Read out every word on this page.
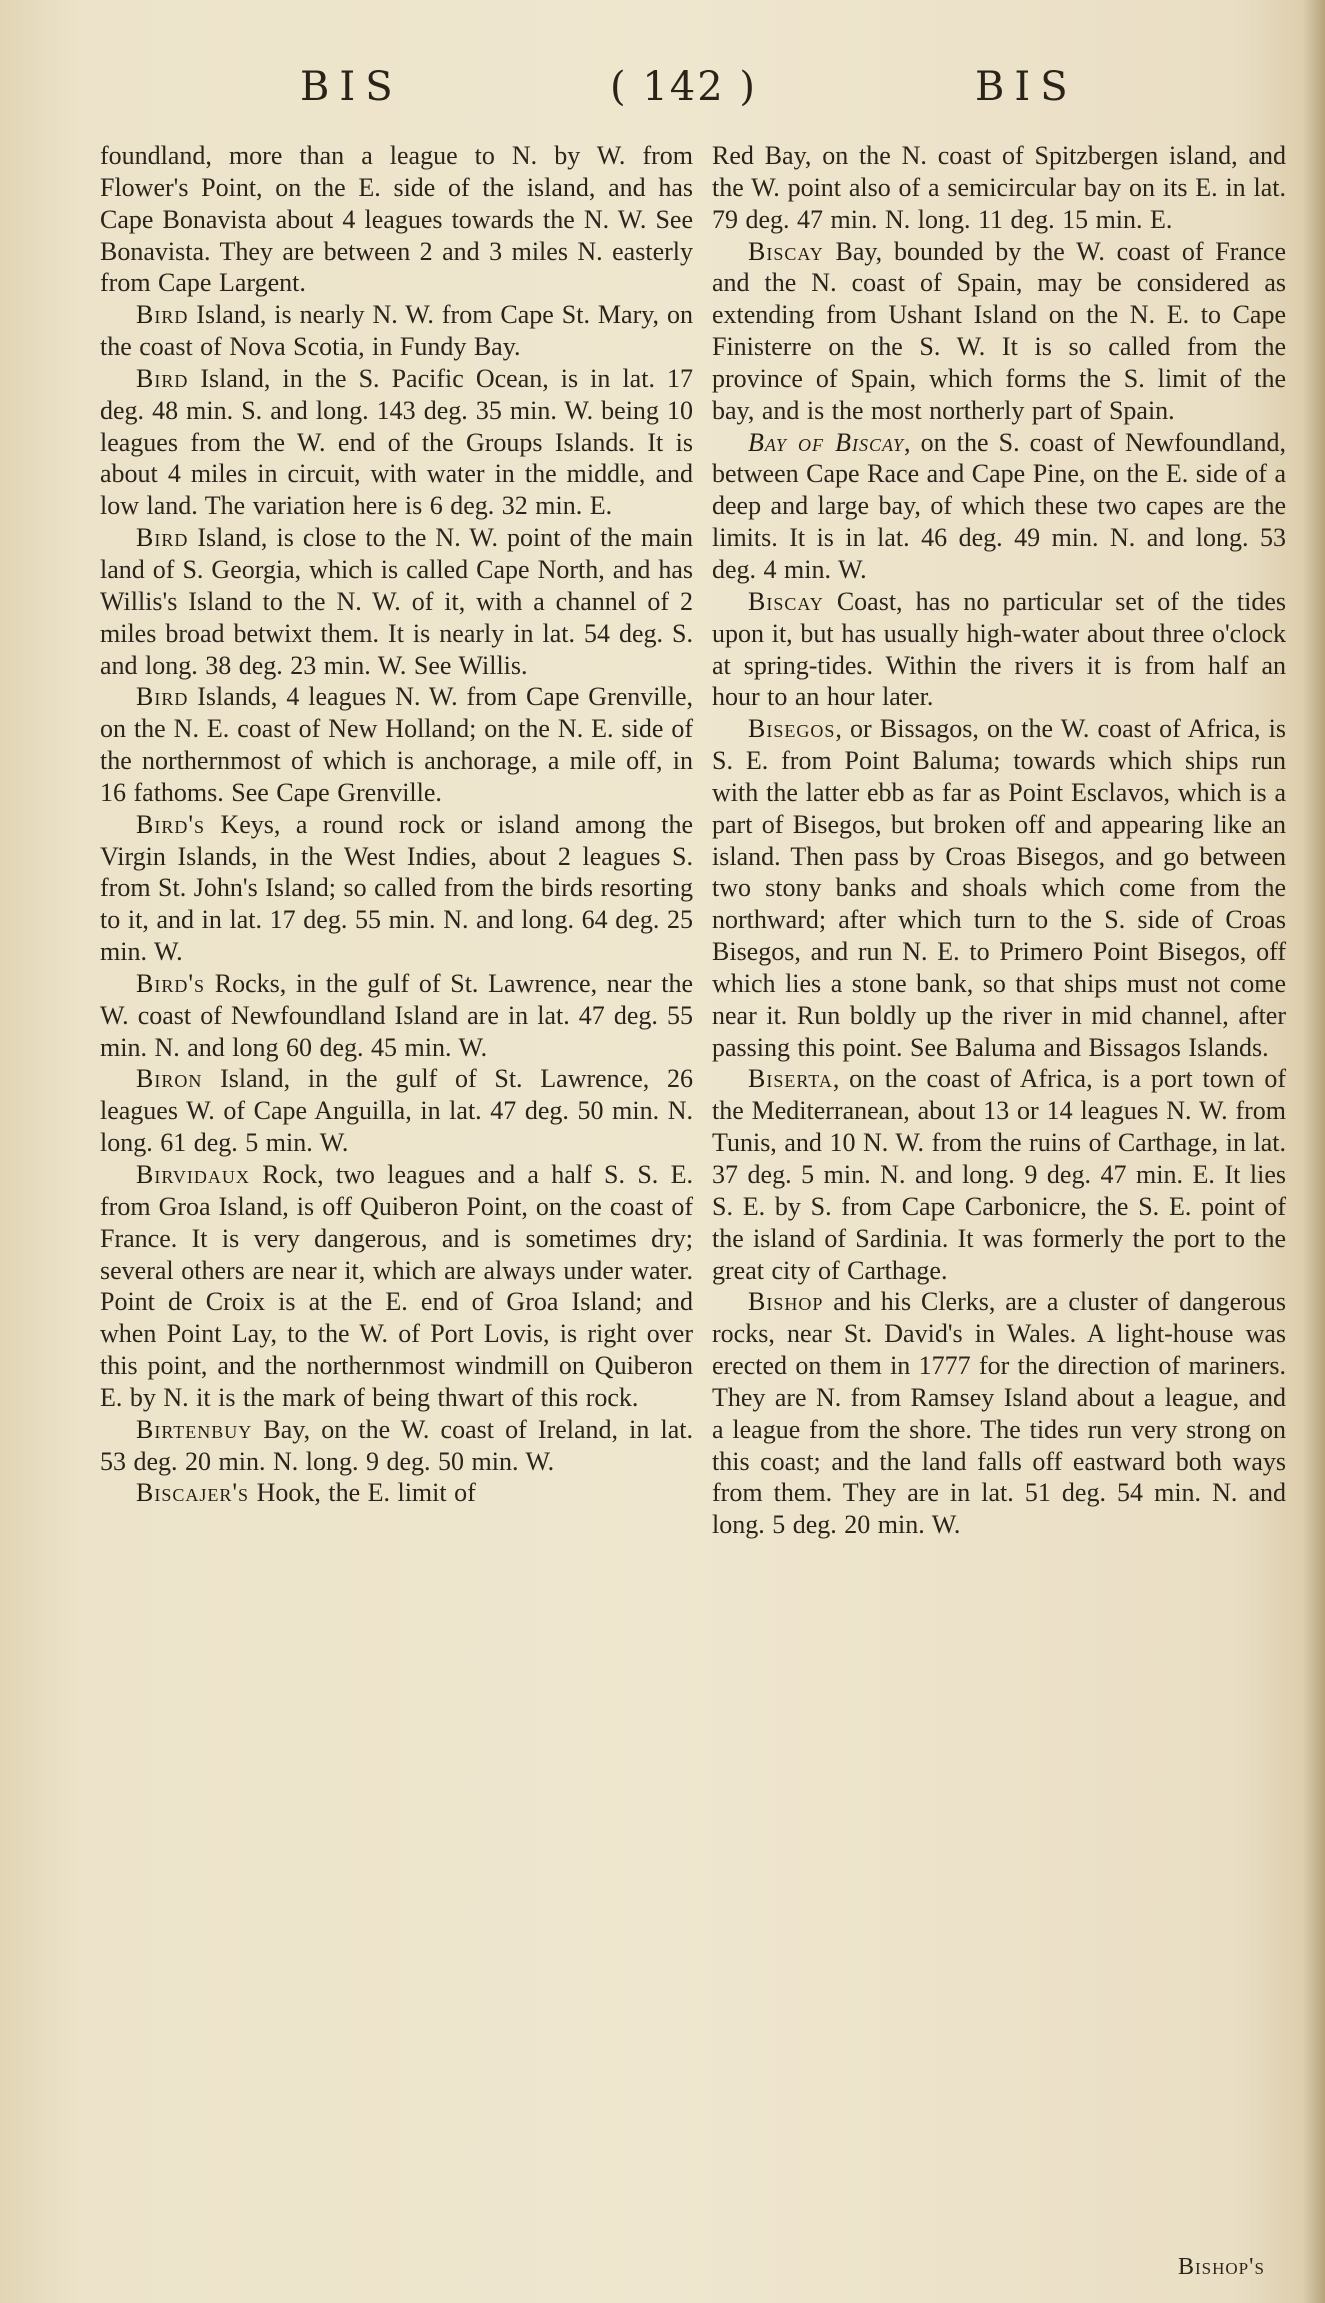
BIS	( 142 )	BIS

foundland, more than a league to N. by W. from Flower's Point, on the E. side of the island, and has Cape Bonavista about 4 leagues towards the N. W. See Bonavista. They are between 2 and 3 miles N. easterly from Cape Largent.

Bird Island, is nearly N. W. from Cape St. Mary, on the coast of Nova Scotia, in Fundy Bay.

Bird Island, in the S. Pacific Ocean, is in lat. 17 deg. 48 min. S. and long. 143 deg. 35 min. W. being 10 leagues from the W. end of the Groups Islands. It is about 4 miles in circuit, with water in the middle, and low land. The variation here is 6 deg. 32 min. E.

Bird Island, is close to the N. W. point of the main land of S. Georgia, which is called Cape North, and has Willis's Island to the N. W. of it, with a channel of 2 miles broad betwixt them. It is nearly in lat. 54 deg. S. and long. 38 deg. 23 min. W. See Willis.

Bird Islands, 4 leagues N. W. from Cape Grenville, on the N. E. coast of New Holland; on the N. E. side of the northernmost of which is anchorage, a mile off, in 16 fathoms. See Cape Grenville.

Bird's Keys, a round rock or island among the Virgin Islands, in the West Indies, about 2 leagues S. from St. John's Island; so called from the birds resorting to it, and in lat. 17 deg. 55 min. N. and long. 64 deg. 25 min. W.

Bird's Rocks, in the gulf of St. Lawrence, near the W. coast of Newfoundland Island are in lat. 47 deg. 55 min. N. and long 60 deg. 45 min. W.

Biron Island, in the gulf of St. Lawrence, 26 leagues W. of Cape Anguilla, in lat. 47 deg. 50 min. N. long. 61 deg. 5 min. W.

Birvidaux Rock, two leagues and a half S. S. E. from Groa Island, is off Quiberon Point, on the coast of France. It is very dangerous, and is sometimes dry; several others are near it, which are always under water. Point de Croix is at the E. end of Groa Island; and when Point Lay, to the W. of Port Lovis, is right over this point, and the northernmost windmill on Quiberon E. by N. it is the mark of being thwart of this rock.

Birtenbuy Bay, on the W. coast of Ireland, in lat. 53 deg. 20 min. N. long. 9 deg. 50 min. W.

Biscajer's Hook, the E. limit of

Red Bay, on the N. coast of Spitzbergen island, and the W. point also of a semicircular bay on its E. in lat. 79 deg. 47 min. N. long. 11 deg. 15 min. E.

Biscay Bay, bounded by the W. coast of France and the N. coast of Spain, may be considered as extending from Ushant Island on the N. E. to Cape Finisterre on the S. W. It is so called from the province of Spain, which forms the S. limit of the bay, and is the most northerly part of Spain.

Bay of Biscay, on the S. coast of Newfoundland, between Cape Race and Cape Pine, on the E. side of a deep and large bay, of which these two capes are the limits. It is in lat. 46 deg. 49 min. N. and long. 53 deg. 4 min. W.

Biscay Coast, has no particular set of the tides upon it, but has usually high-water about three o'clock at spring-tides. Within the rivers it is from half an hour to an hour later.

Bisegos, or Bissagos, on the W. coast of Africa, is S. E. from Point Baluma; towards which ships run with the latter ebb as far as Point Esclavos, which is a part of Bisegos, but broken off and appearing like an island. Then pass by Croas Bisegos, and go between two stony banks and shoals which come from the northward; after which turn to the S. side of Croas Bisegos, and run N. E. to Primero Point Bisegos, off which lies a stone bank, so that ships must not come near it. Run boldly up the river in mid channel, after passing this point. See Baluma and Bissagos Islands.

Biserta, on the coast of Africa, is a port town of the Mediterranean, about 13 or 14 leagues N. W. from Tunis, and 10 N. W. from the ruins of Carthage, in lat. 37 deg. 5 min. N. and long. 9 deg. 47 min. E. It lies S. E. by S. from Cape Carbonicre, the S. E. point of the island of Sardinia. It was formerly the port to the great city of Carthage.

Bishop and his Clerks, are a cluster of dangerous rocks, near St. David's in Wales. A light-house was erected on them in 1777 for the direction of mariners. They are N. from Ramsey Island about a league, and a league from the shore. The tides run very strong on this coast; and the land falls off eastward both ways from them. They are in lat. 51 deg. 54 min. N. and long. 5 deg. 20 min. W.

Bishop's
